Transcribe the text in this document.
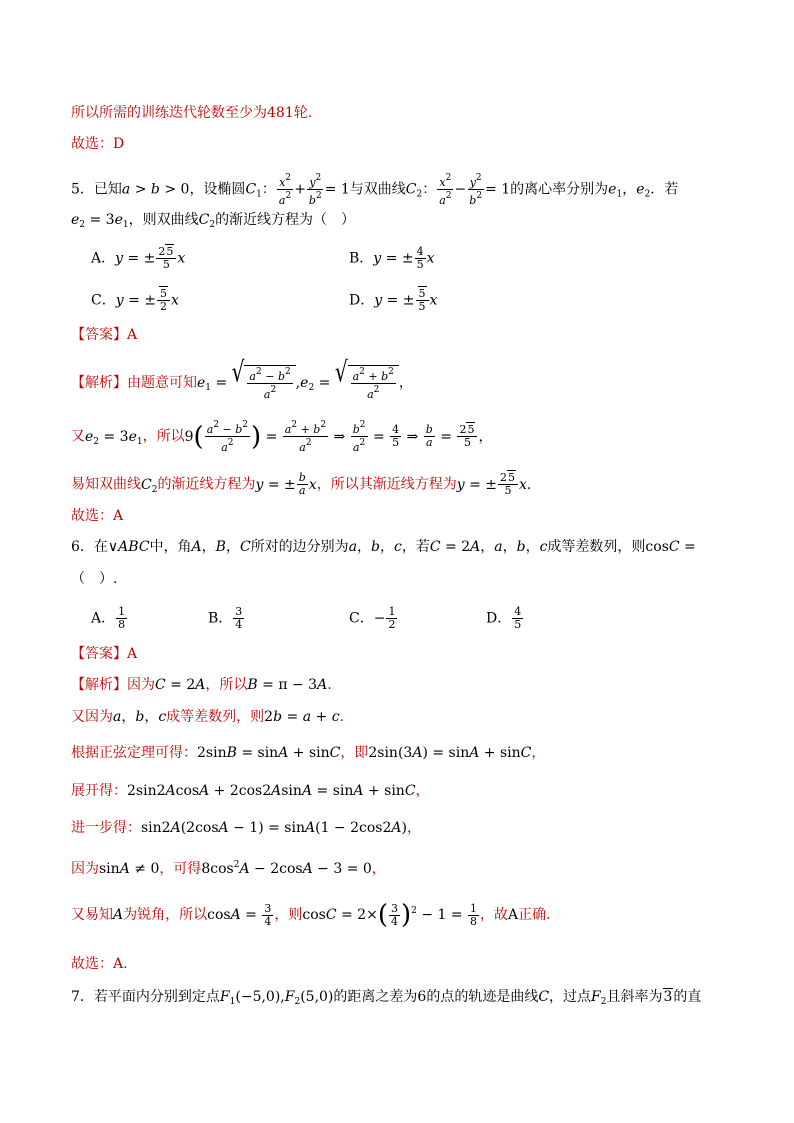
所以所需的训练迭代轮数至少为481轮.
故选：D
5．已知a > b > 0，设椭圆$C_1$： $\frac{x^2}{a^2} + \frac{y^2}{b^2} = 1$与双曲线$C_2$： $\frac{x^2}{a^2} - \frac{y^2}{b^2} = 1$的离心率分别为$e_1$，$e_2$．若
$e_2 = 3e_1$，则双曲线$C_2$的渐近线方程为（　）
A．y = ± $\frac{25}{5}$ x	B．y = ± $\frac{4}{5}$ x
C．y = ± $\frac{5}{2}$ x	D．y = ± $\frac{5}{5}$ x
【答案】A
【解析】由题意可知$e_1$ = √ $\frac{a^2 - b^2}{a^2} ,e_2$ = √ $\frac{a^2 + b^2}{a^2}$ ，
又$e_2 = 3e_1$，所以$9( \frac{a^2 - b^2}{a^2}$ ) = $\frac{a^2 + b^2}{a^2}$ ⇒ $\frac{b^2}{a^2} = \frac{4}{5}$ ⇒ $\frac{b}{a} = \frac{25}{5}$ ，
易知双曲线$C_2$的渐近线方程为y = ± $\frac{b}{a}$ x，所以其渐近线方程为y = ± $\frac{25}{5} x$.
故选：A
6．在∨ABC中，角A，B，C所对的边分别为a，b，c，若C = 2A，a，b，c成等差数列，则cosC =
（　）.
A． $\frac{1}{8}$	B． $\frac{3}{4}$	C．− $\frac{1}{2}$	D． $\frac{4}{5}$
【答案】A
【解析】因为C = 2A，所以B = π − 3A.
又因为a，b，c成等差数列，则2b = a + c.
根据正弦定理可得：2sinB = sinA + sinC，即2sin(3A) = sinA + sinC，
展开得：2sin2AcosA + 2cos2AsinA = sinA + sinC，
进一步得：sin2A(2cosA − 1) = sinA(1 − 2cos2A)，
因为sinA ≠ 0，可得$8\cos^2A - 2\cos A - 3 = 0$，
又易知A为锐角，所以$\cos A = \frac{3}{4}$ ，则$\cos C = 2\times( \frac{3}{4} )^2 - 1 = \frac{1}{8}$ ，故A正确.
故选：A.
7．若平面内分别到定点$F_1(-5,0),F_2(5,0)$的距离之差为6的点的轨迹是曲线C，过点$F_2$且斜率为3的直
